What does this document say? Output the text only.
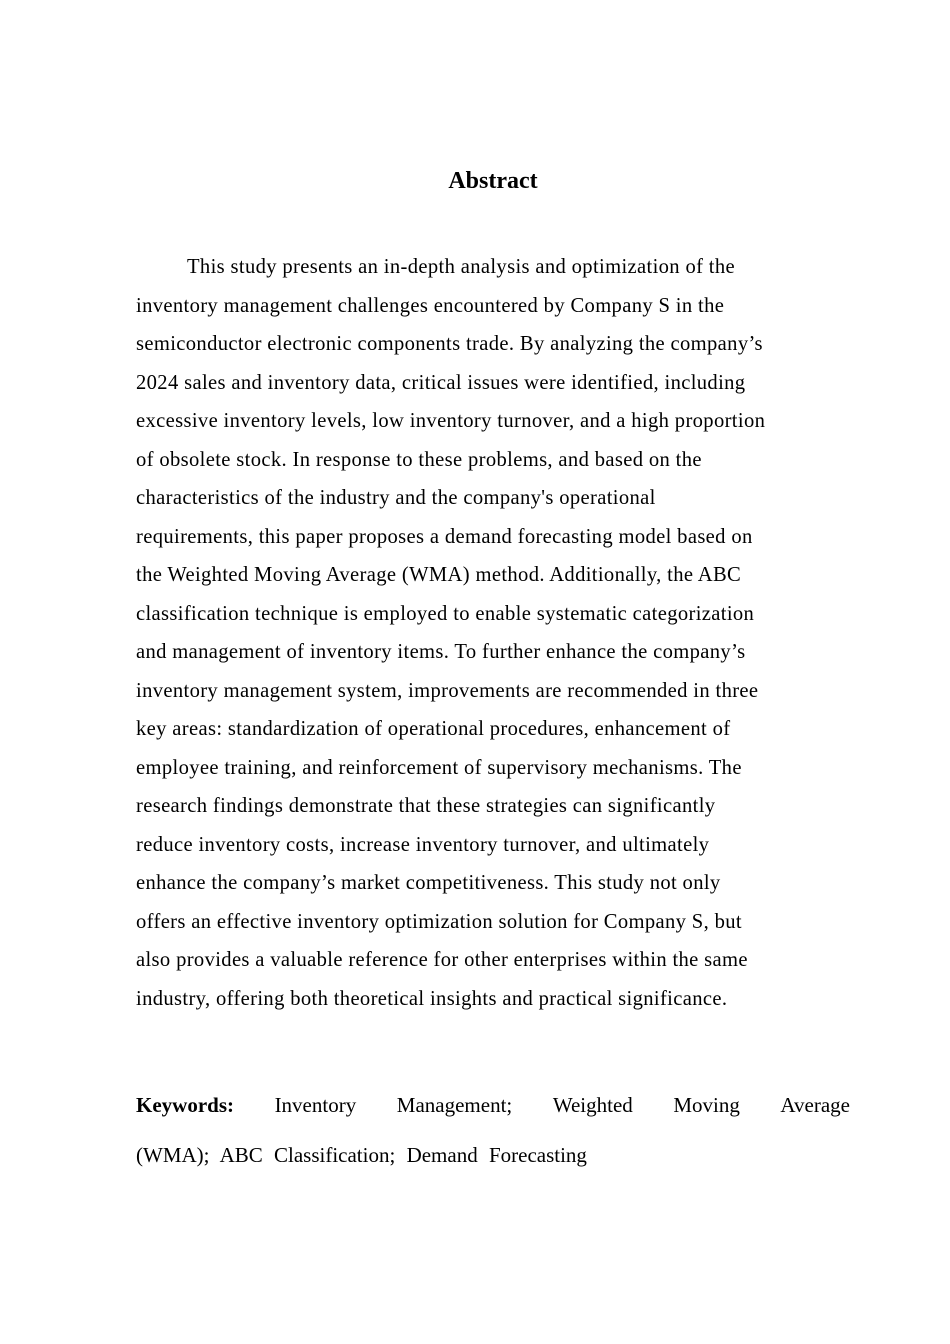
Abstract
This study presents an in-depth analysis and optimization of the
inventory management challenges encountered by Company S in the
semiconductor electronic components trade. By analyzing the company’s
2024 sales and inventory data, critical issues were identified, including
excessive inventory levels, low inventory turnover, and a high proportion
of obsolete stock. In response to these problems, and based on the
characteristics of the industry and the company's operational
requirements, this paper proposes a demand forecasting model based on
the Weighted Moving Average (WMA) method. Additionally, the ABC
classification technique is employed to enable systematic categorization
and management of inventory items. To further enhance the company’s
inventory management system, improvements are recommended in three
key areas: standardization of operational procedures, enhancement of
employee training, and reinforcement of supervisory mechanisms. The
research findings demonstrate that these strategies can significantly
reduce inventory costs, increase inventory turnover, and ultimately
enhance the company’s market competitiveness. This study not only
offers an effective inventory optimization solution for Company S, but
also provides a valuable reference for other enterprises within the same
industry, offering both theoretical insights and practical significance.
Keywords: Inventory Management; Weighted Moving Average
(WMA); ABC Classification; Demand Forecasting
